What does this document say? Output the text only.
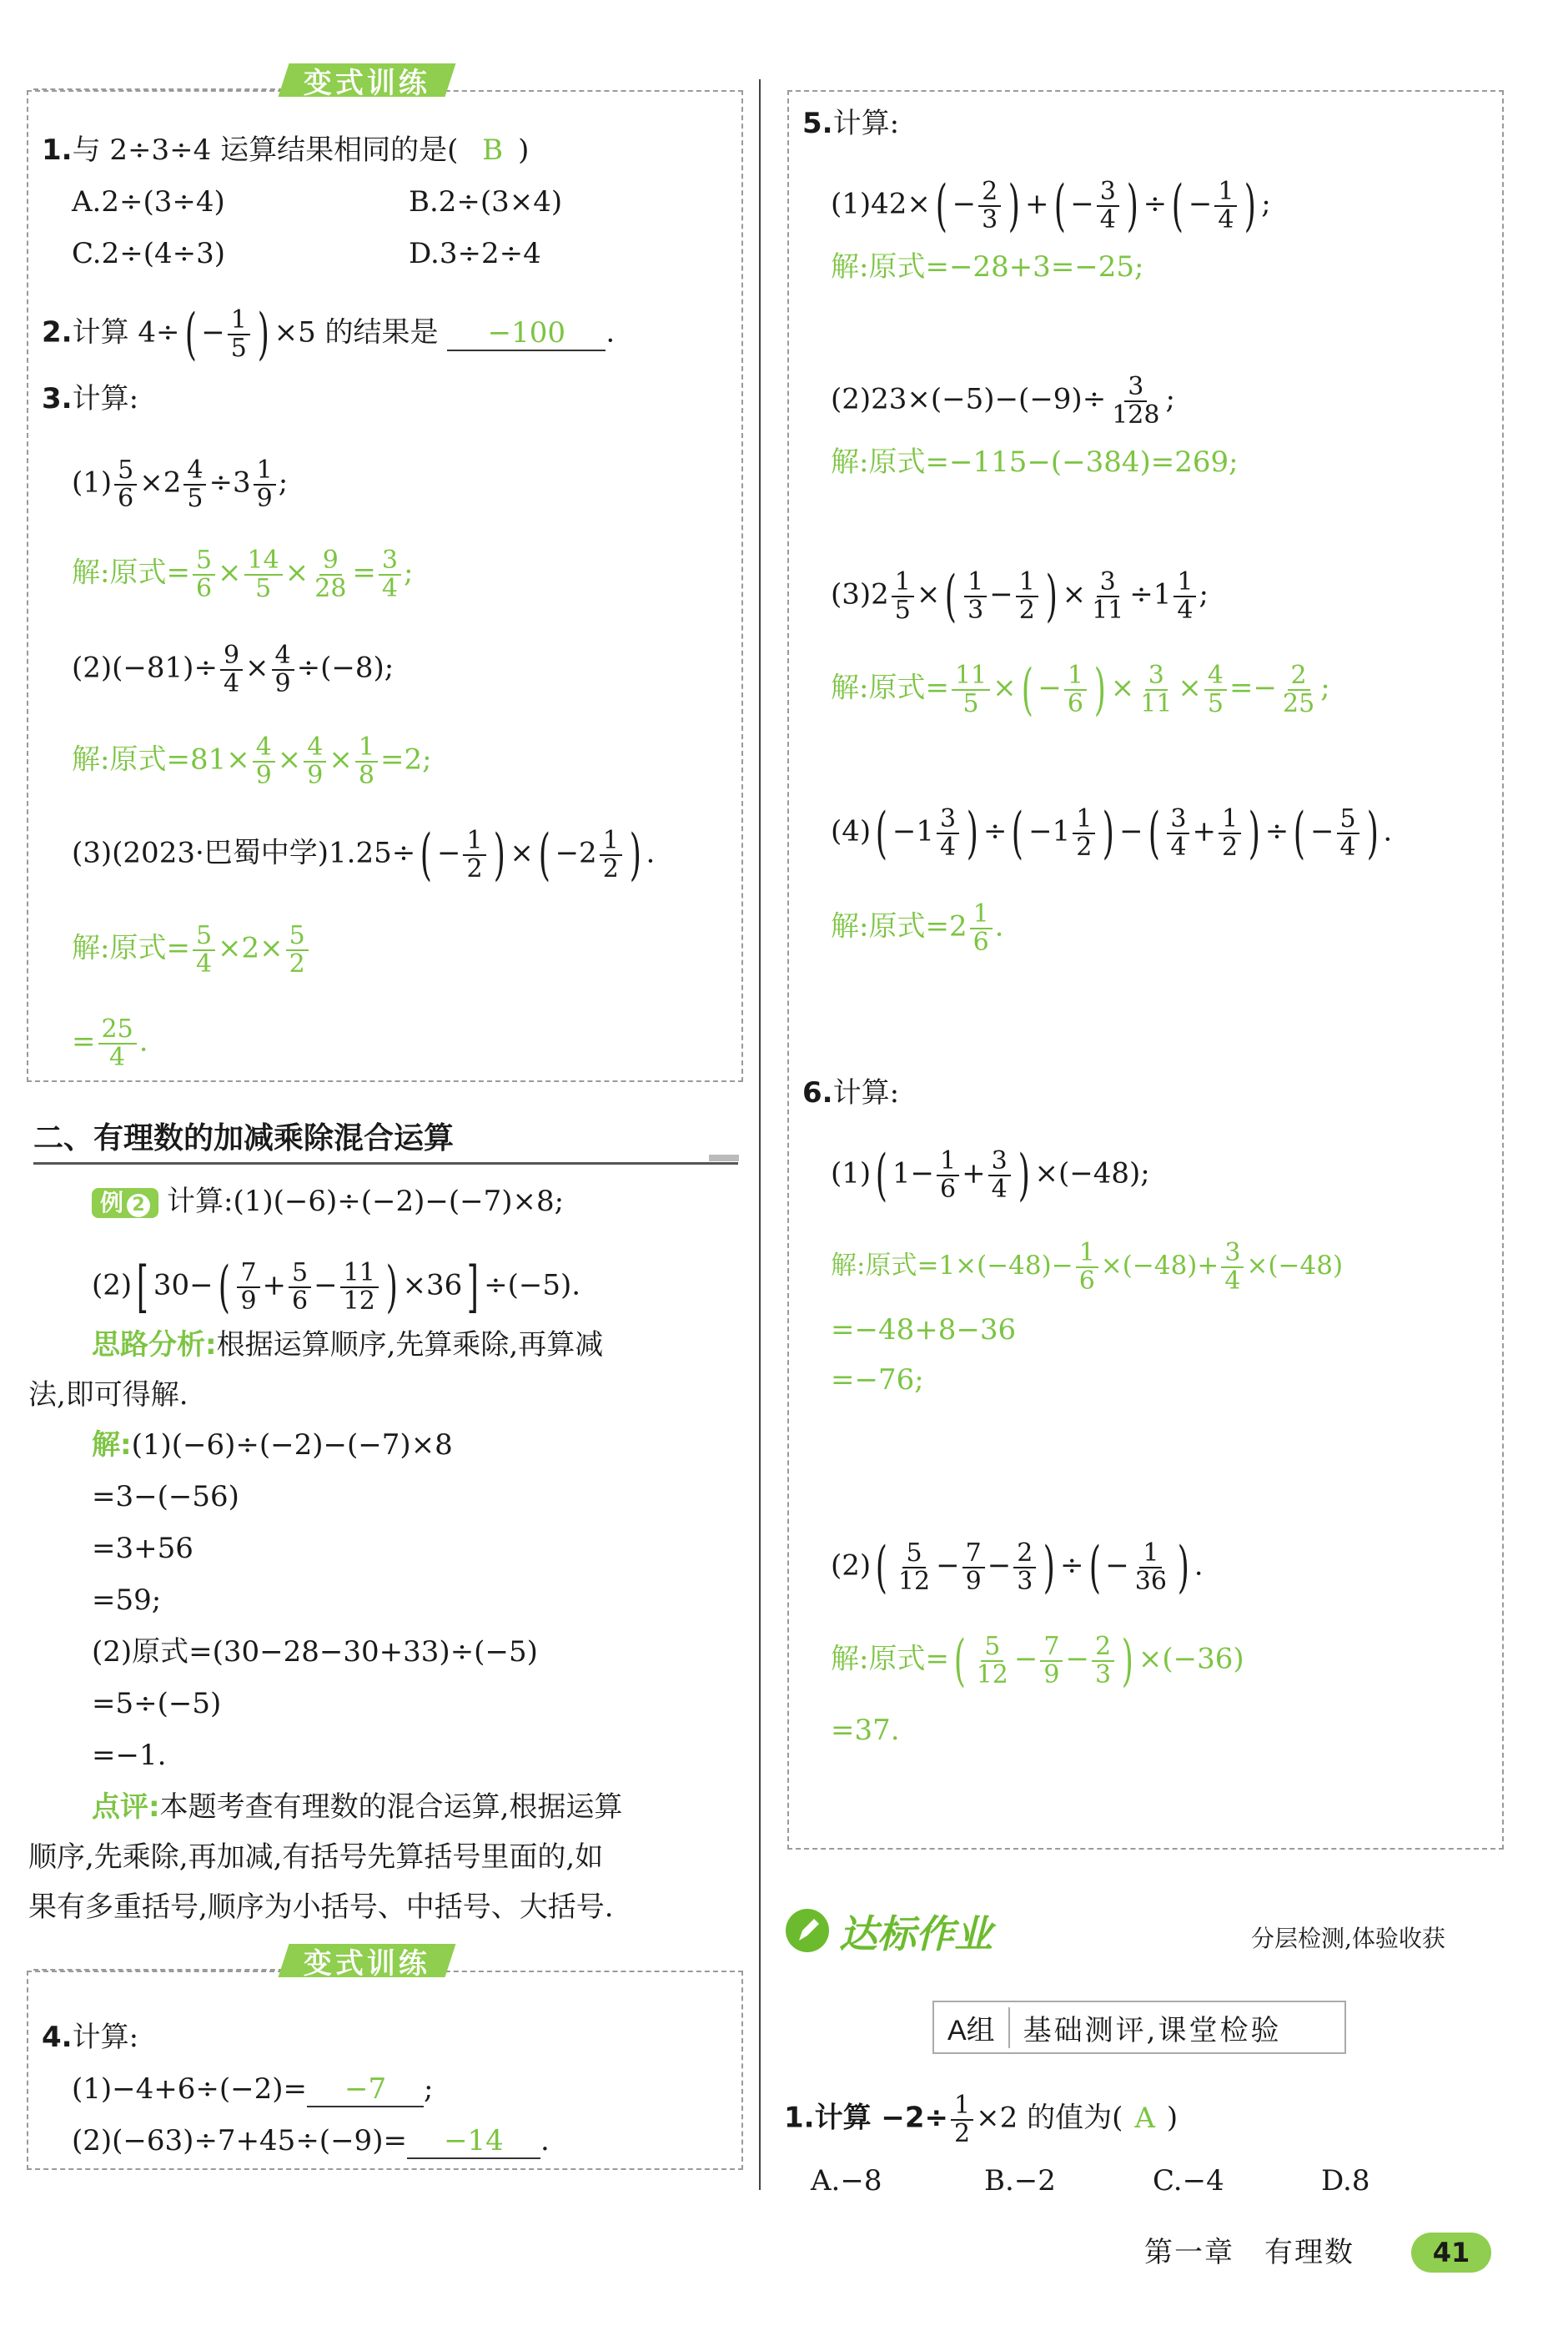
变式训练
1.与 2÷3÷4 运算结果相同的是( B )
A.2÷(3÷4)	B.2÷(3×4)
C.2÷(4÷3)	D.3÷2÷4
2.计算 $4\div( - \frac{1}{5}$ ) ×5 的结果是 −100 .
3.计算:
$(1) \frac{5}{6} \times 2 \frac{4}{5} \div 3 \frac{1}{9}$ ;
解:原式= $\frac{5}{6} \times \frac{14}{5} \times \frac{9}{28} = \frac{3}{4}$ ;
$(2)(-81)\div \frac{9}{4} \times \frac{4}{9} \div(-8)$;
解:原式$=81\times \frac{4}{9} \times \frac{4}{9} \times \frac{1}{8} =2$;
(3)(2023·巴蜀中学)$1.25\div( - \frac{1}{2}$ ) ×( $-2 \frac{1}{2}$ ) .
解:原式= $\frac{5}{4} \times 2\times \frac{5}{2}$
= $\frac{25}{4}$ .
二、有理数的加减乘除混合运算
例 2 计算:(1)(−6)÷(−2)−(−7)×8;
(2)[ $30-( \frac{7}{9} + \frac{5}{6} - \frac{11}{12}$ ) ×36] ÷(−5).
思路分析:根据运算顺序,先算乘除,再算减
法,即可得解.
解:(1)(−6)÷(−2)−(−7)×8
=3−(−56)
=3+56
=59;
(2)原式=(30−28−30+33)÷(−5)
=5÷(−5)
=−1.
点评:本题考查有理数的混合运算,根据运算
顺序,先乘除,再加减,有括号先算括号里面的,如
果有多重括号,顺序为小括号、中括号、大括号.
变式训练
4.计算:
(1)−4+6÷(−2)= −7 ;
(2)(−63)÷7+45÷(−9)= −14 .
5.计算:
$(1)42\times( - \frac{2}{3}$ ) +( − $\frac{3}{4}$ ) ÷( − $\frac{1}{4}$ ) ;
解:原式=−28+3=−25;
$(2)23\times(-5)-(-9)\div \frac{3}{128}$ ;
解:原式=−115−(−384)=269;
$(3)2 \frac{1}{5}$ ×( $\frac{1}{3} - \frac{1}{2}$ ) × $\frac{3}{11} \div 1 \frac{1}{4}$ ;
解:原式= $\frac{11}{5}$ ×( − $\frac{1}{6}$ ) × $\frac{3}{11} \times \frac{4}{5} =- \frac{2}{25}$ ;
$(4)( -1 \frac{3}{4}$ ) ÷( $-1 \frac{1}{2}$ ) −( $\frac{3}{4} + \frac{1}{2}$ ) ÷( − $\frac{5}{4}$ ) .
解:原式$=2 \frac{1}{6}$ .
6.计算:
(1)( $1- \frac{1}{6} + \frac{3}{4}$ ) ×(−48);
解:原式$=1\times(-48)- \frac{1}{6} \times(-48)+ \frac{3}{4} \times(-48)$
=−48+8−36
=−76;
$(2)( \frac{5}{12} - \frac{7}{9} - \frac{2}{3}$ ) ÷( − $\frac{1}{36}$ ) .
解:原式=( $\frac{5}{12} - \frac{7}{9} - \frac{2}{3}$ ) ×(−36)
=37.
达标作业	分层检测,体验收获
A组	基础测评,课堂检验
1.计算 $-2\div \frac{1}{2} \times 2$ 的值为( A )
A.−8	B.−2	C.−4	D.8
第一章　有理数	41
